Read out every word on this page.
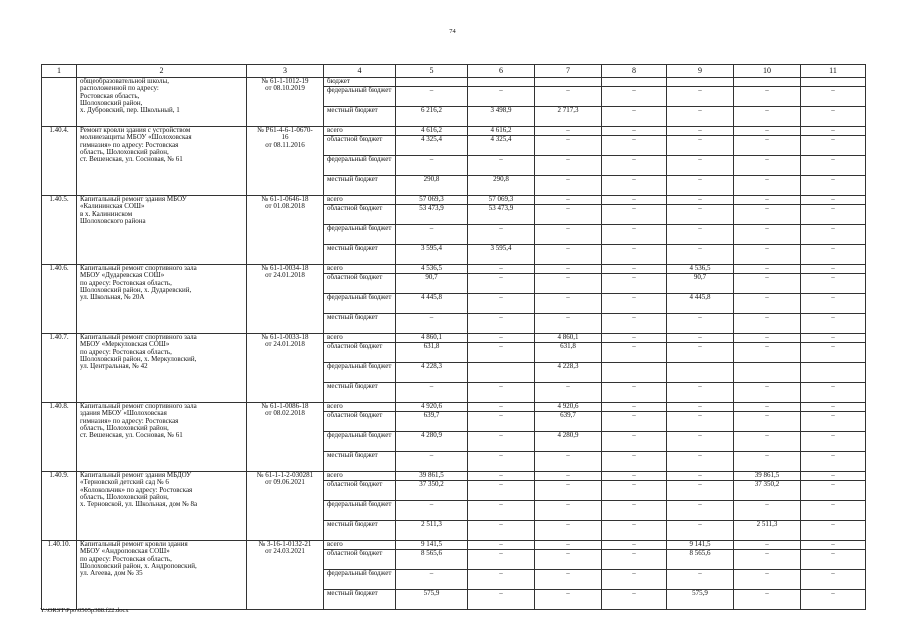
74
1	2	3	4	5	6	7	8	9	10	11
	общеобразовательной школы,
расположенной по адресу:
Ростовская область,
Шолоховский район,
х. Дубровский, пер. Школьный, 1	№ 61-1-1012-19
от 08.10.2019	бюджет							
			федеральный бюджет	–	–	–	–	–	–	–
			местный бюджет	6 216,2	3 498,9	2 717,3	–	–	–	–
1.40.4.	Ремонт кровли здания с устройством
молниезащиты МБОУ «Шолоховская
гимназия» по адресу: Ростовская
область, Шолоховский район,
ст. Вешенская, ул. Сосновая, № 61	№ Р61-4-6-1-0670-
16
от 08.11.2016	всего	4 616,2	4 616,2	–	–	–	–	–
			областной бюджет	4 325,4	4 325,4	–	–	–	–	–
			федеральный бюджет	–	–	–	–	–	–	–
			местный бюджет	290,8	290,8	–	–	–	–	–
1.40.5.	Капитальный ремонт здания МБОУ
«Калининская СОШ»
в х. Калининском
Шолоховского района	№ 61-1-0646-18
от 01.08.2018	всего	57 069,3	57 069,3	–	–	–	–	–
			областной бюджет	53 473,9	53 473,9	–	–	–	–	–
			федеральный бюджет	–	–	–	–	–	–	–
			местный бюджет	3 595,4	3 595,4	–	–	–	–	–
1.40.6.	Капитальный ремонт спортивного зала
МБОУ «Дударевская СОШ»
по адресу: Ростовская область,
Шолоховский район, х. Дударевский,
ул. Школьная, № 20А	№ 61-1-0034-18
от 24.01.2018	всего	4 536,5	–	–	–	4 536,5	–	–
			областной бюджет	90,7	–	–	–	90,7	–	–
			федеральный бюджет	4 445,8	–	–	–	4 445,8	–	–
			местный бюджет	–	–	–	–	–	–	–
1.40.7.	Капитальный ремонт спортивного зала
МБОУ «Меркуловская СОШ»
по адресу: Ростовская область,
Шолоховский район, х. Меркуловский,
ул. Центральная, № 42	№ 61-1-0033-18
от 24.01.2018	всего	4 860,1	–	4 860,1	–	–	–	–
			областной бюджет	631,8	–	631,8	–	–	–	–
			федеральный бюджет	4 228,3		4 228,3				
			местный бюджет	–	–	–	–	–	–	–
1.40.8.	Капитальный ремонт спортивного зала
здания МБОУ «Шолоховская
гимназия» по адресу: Ростовская
область, Шолоховский район,
ст. Вешенская, ул. Сосновая, № 61	№ 61-1-0086-18
от 08.02.2018	всего	4 920,6	–	4 920,6	–	–	–	–
			областной бюджет	639,7	–	639,7	–	–	–	–
			федеральный бюджет	4 280,9	–	4 280,9	–	–	–	–
			местный бюджет	–	–	–	–	–	–	–
1.40.9.	Капитальный ремонт здания МБДОУ
«Терновской детский сад № 6
«Колокольчик» по адресу: Ростовская
область, Шолоховский район,
х. Терновской, ул. Школьная, дом № 8а	№ 61-1-1-2-030281
от 09.06.2021	всего	39 861,5	–	–	–	–	39 861,5	–
			областной бюджет	37 350,2	–	–	–	–	37 350,2	–
			федеральный бюджет	–	–	–	–	–	–	–
			местный бюджет	2 511,3	–	–	–	–	2 511,3	–
1.40.10.	Капитальный ремонт кровли здания
МБОУ «Андроповская СОШ»
по адресу: Ростовская область,
Шолоховский район, х. Андроповский,
ул. Агеева, дом № 35	№ 3-16-1-0132-21
от 24.03.2021	всего	9 141,5	–	–	–	9 141,5	–	–
			областной бюджет	8 565,6	–	–	–	8 565,6	–	–
			федеральный бюджет	–	–	–	–	–	–	–
			местный бюджет	575,9	–	–	–	575,9	–	–
Y:\ORST\Ppo\0505p388.f22.docx
